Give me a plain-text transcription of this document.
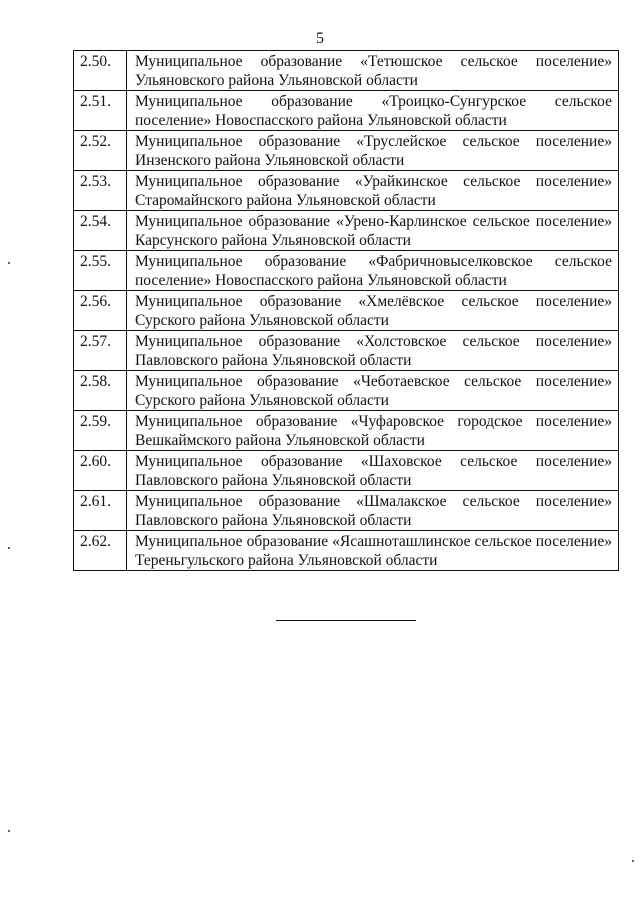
5
2.50.	Муниципальное образование «Тетюшское сельское поселение» Ульяновского района Ульяновской области
2.51.	Муниципальное образование «Троицко-Сунгурское сельское поселение» Новоспасского района Ульяновской области
2.52.	Муниципальное образование «Труслейское сельское поселение» Инзенского района Ульяновской области
2.53.	Муниципальное образование «Урайкинское сельское поселение» Старомайнского района Ульяновской области
2.54.	Муниципальное образование «Урено-Карлинское сельское поселение» Карсунского района Ульяновской области
2.55.	Муниципальное образование «Фабричновыселковское сельское поселение» Новоспасского района Ульяновской области
2.56.	Муниципальное образование «Хмелёвское сельское поселение» Сурского района Ульяновской области
2.57.	Муниципальное образование «Холстовское сельское поселение» Павловского района Ульяновской области
2.58.	Муниципальное образование «Чеботаевское сельское поселение» Сурского района Ульяновской области
2.59.	Муниципальное образование «Чуфаровское городское поселение» Вешкаймского района Ульяновской области
2.60.	Муниципальное образование «Шаховское сельское поселение» Павловского района Ульяновской области
2.61.	Муниципальное образование «Шмалакское сельское поселение» Павловского района Ульяновской области
2.62.	Муниципальное образование «Ясашноташлинское сельское поселение» Тереньгульского района Ульяновской области
